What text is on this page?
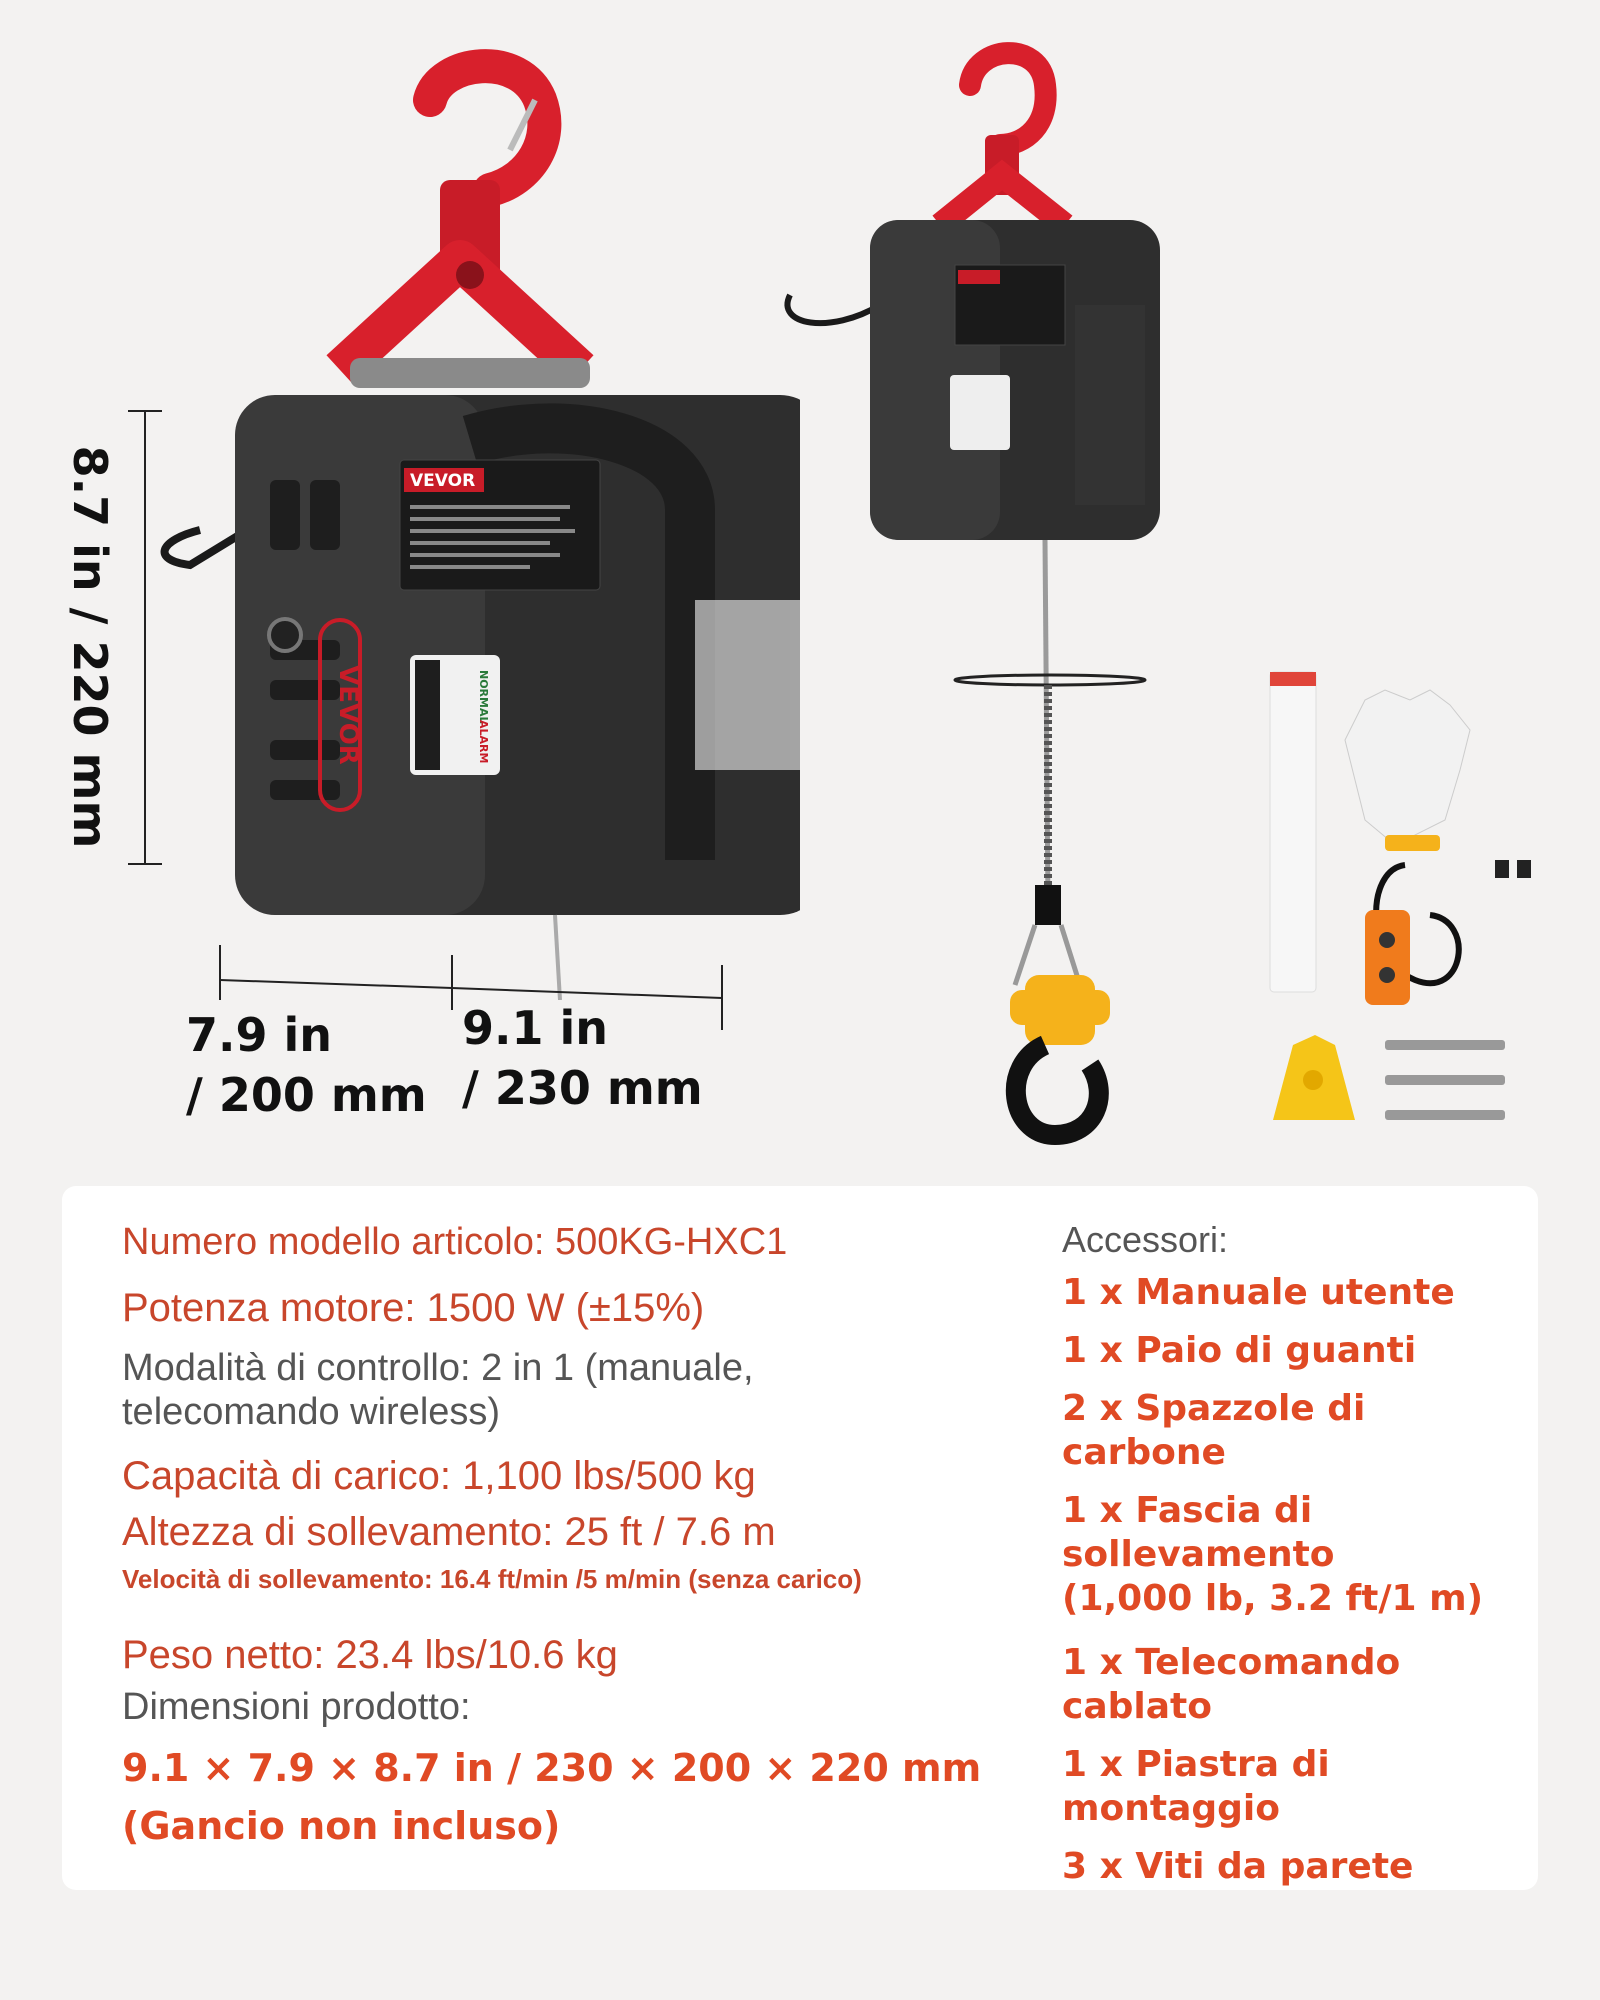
VEVOR
VEVOR
NORMAL
ALARM
8.7 in / 220 mm
7.9 in
/ 200 mm
9.1 in
/ 230 mm
Numero modello articolo: 500KG-HXC1
Potenza motore: 1500 W (±15%)
Modalità di controllo: 2 in 1 (manuale,
telecomando wireless)
Capacità di carico: 1,100 lbs/500 kg
Altezza di sollevamento: 25 ft / 7.6 m
Velocità di sollevamento: 16.4 ft/min /5 m/min (senza carico)
Peso netto: 23.4 lbs/10.6 kg
Dimensioni prodotto:
9.1 × 7.9 × 8.7 in / 230 × 200 × 220 mm
(Gancio non incluso)
Accessori:
1 x Manuale utente
1 x Paio di guanti
2 x Spazzole di carbone
1 x Fascia di sollevamento
(1,000 lb, 3.2 ft/1 m)
1 x Telecomando cablato
1 x Piastra di montaggio
3 x Viti da parete
